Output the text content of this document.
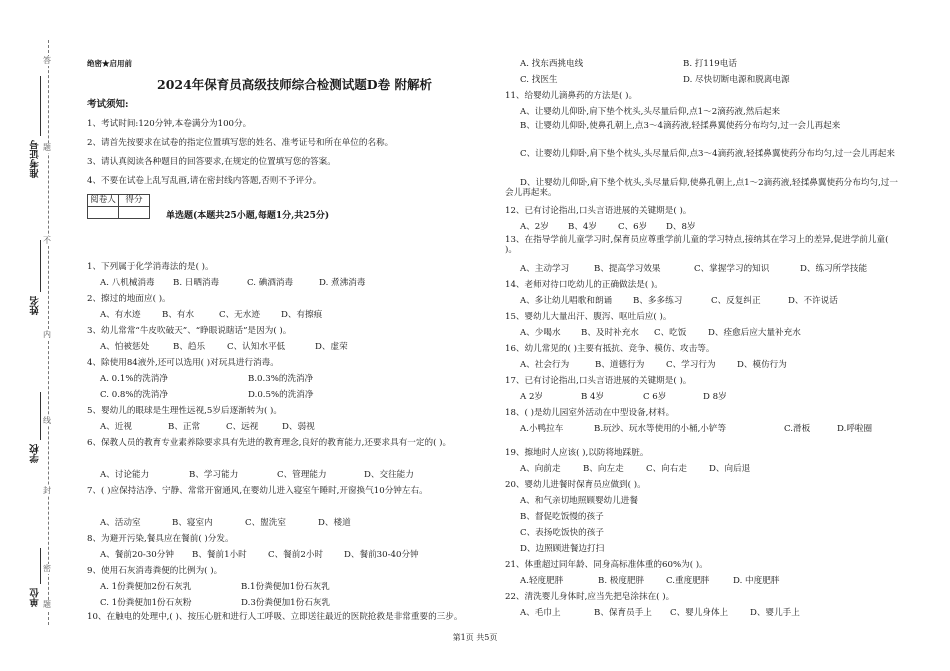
答
题
不
内
线
封
密
题
准考证号
姓名
学校
单位
绝密★启用前
2024年保育员高级技师综合检测试题D卷 附解析
考试须知:
1、考试时间:120分钟,本卷满分为100分。
2、请首先按要求在试卷的指定位置填写您的姓名、准考证号和所在单位的名称。
3、请认真阅读各种题目的回答要求,在规定的位置填写您的答案。
4、不要在试卷上乱写乱画,请在密封线内答题,否则不予评分。
阅卷人	得分

单选题(本题共25小题,每题1分,共25分)
1、下列属于化学消毒法的是( )。
A. 八机械消毒 B. 日晒消毒	C. 碘酒消毒	D. 煮沸消毒
2、擦过的地面应( )。
A、有水迹 B、有水	C、无水迹 D、有擦痕
3、幼儿常常“牛皮吹破天”、“睁眼说瞎话”是因为( )。
A、怕被惩处	B、趋乐	C、认知水平低	D、虚荣
4、除使用84液外,还可以选用( )对玩具进行消毒。
A. 0.1%的洗消净	B.0.3%的洗消净
C. 0.8%的洗消净	D.0.5%的洗消净
5、婴幼儿的眼球是生理性远视,5岁后逐渐转为( )。
A、近视	B、正常	C、远视	D、弱视
6、保教人员的教育专业素养除要求具有先进的教育理念,良好的教育能力,还要求具有一定的( )。
A、讨论能力	B、学习能力	C、管理能力	D、交往能力
7、( )应保持洁净、宁静、常常开窗通风,在婴幼儿进入寝室午睡时,开窗换气10分钟左右。
A、活动室	B、寝室内	C、盥洗室	D、楼道
8、为避开污染,餐具应在餐前( )分发。
A、餐前20-30分钟 B、餐前1小时 C、餐前2小时 D、餐前30-40分钟
9、使用石灰消毒粪便的比例为( )。
A. 1份粪便加2份石灰乳	B.1份粪便加1份石灰乳
C. 1份粪便加1份石灰粉	D.3份粪便加1份石灰乳
10、在触电的处理中,( )、按压心脏和进行人工呼吸、立即送往最近的医院抢救是非常重要的三步。
A. 找东西挑电线	B. 打119电话
C. 找医生	D. 尽快切断电源和脱离电源
11、给婴幼儿滴鼻药的方法是( )。
A、让婴幼儿仰卧,肩下垫个枕头,头尽量后仰,点1～2滴药液,然后起来
B、让婴幼儿仰卧,使鼻孔朝上,点3～4滴药液,轻揉鼻翼使药分布均匀,过一会儿再起来
C、让婴幼儿仰卧,肩下垫个枕头,头尽量后仰,点3～4滴药液,轻揉鼻翼使药分布均匀,过一会儿再起来
D、让婴幼儿仰卧,肩下垫个枕头,头尽量后仰,使鼻孔朝上,点1～2滴药液,轻揉鼻翼使药分布均匀,过一会儿再起来。
12、已有讨论指出,口头言语进展的关键期是( )。
A、2岁 B、4岁 C、6岁 D、8岁
13、在指导学前儿童学习时,保育员应尊重学前儿童的学习特点,接纳其在学习上的差异,促进学前儿童( )。
A、主动学习	B、提高学习效果	C、掌握学习的知识	D、练习所学技能
14、老师对待口吃幼儿的正确做法是( )。
A、多让幼儿唱歌和朗诵 B、多多练习	C、反复纠正	D、不许说话
15、婴幼儿大量出汗、腹泻、呕吐后应( )。
A、少喝水 B、及时补充水 C、吃饭	D、痊愈后应大量补充水
16、幼儿常见的( )主要有抵抗、竞争、模仿、攻击等。
A、社会行为	B、道德行为	C、学习行为 D、模仿行为
17、已有讨论指出,口头言语进展的关键期是( )。
A 2岁	B 4岁	C 6岁	D 8岁
18、( )是幼儿园室外活动在中型设备,材料。
A.小鸭拉车	B.玩沙、玩水等使用的小桶,小铲等	C.滑板	D.呼啦圈
19、擦地时人应该( ),以防将地踩脏。
A、向前走	B、向左走	C、向右走	D、向后退
20、婴幼儿进餐时保育员应做到( )。
A、和气亲切地照顾婴幼儿进餐
B、督促吃饭慢的孩子
C、表扬吃饭快的孩子
D、边照顾进餐边打扫
21、体重超过同年龄、同身高标准体重的60%为( )。
A.轻度肥胖	B. 极度肥胖	C.重度肥胖	D. 中度肥胖
22、清洗婴儿身体时,应当先把皂涂抹在( )。
A、毛巾上	B、保育员手上 C、婴儿身体上	D、婴儿手上
第1页 共5页
